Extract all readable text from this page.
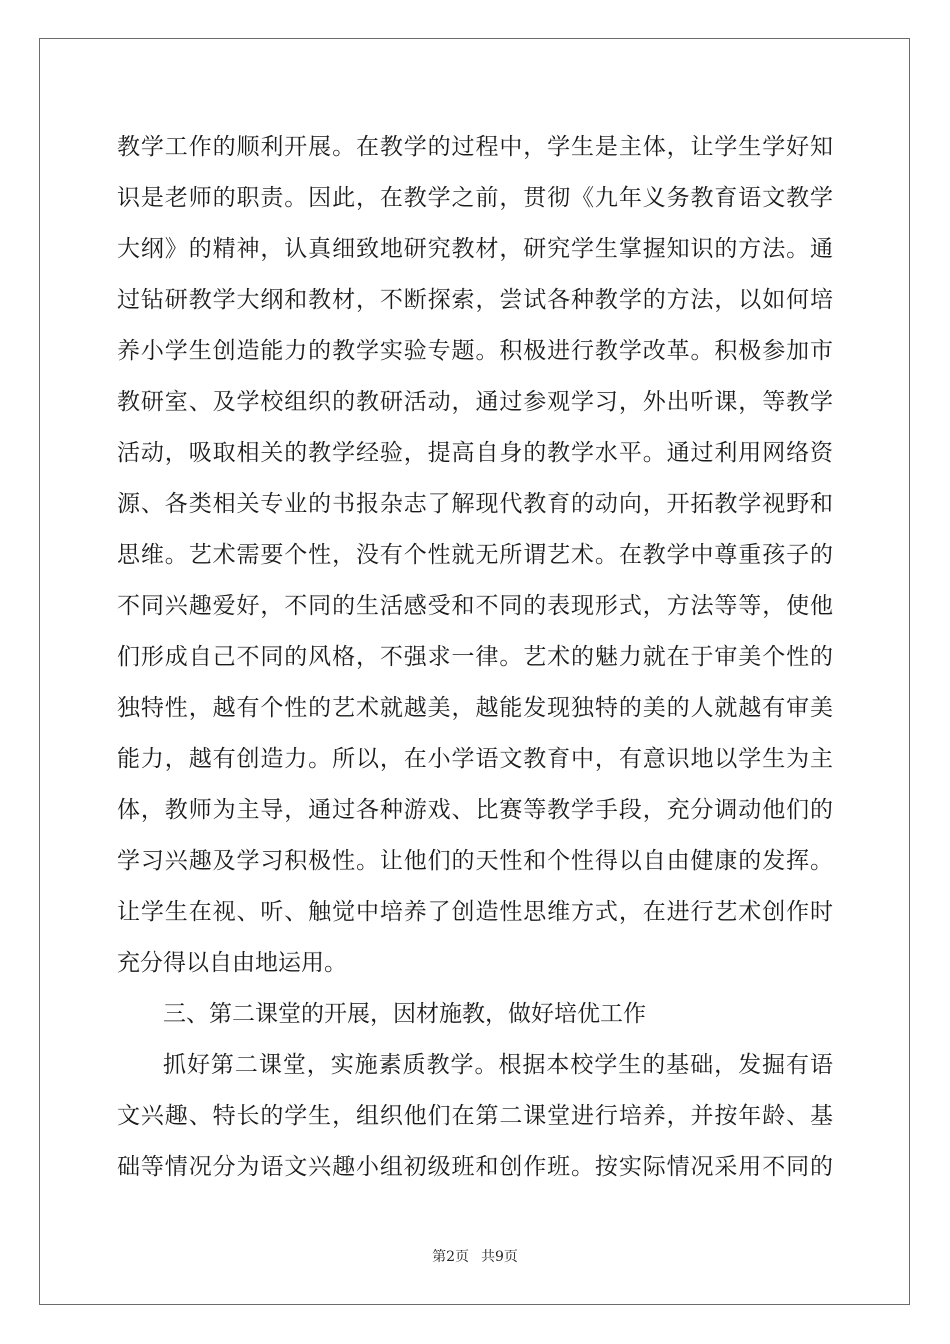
教学工作的顺利开展。在教学的过程中，学生是主体，让学生学好知
识是老师的职责。因此，在教学之前，贯彻《九年义务教育语文教学
大纲》的精神，认真细致地研究教材，研究学生掌握知识的方法。通
过钻研教学大纲和教材，不断探索，尝试各种教学的方法，以如何培
养小学生创造能力的教学实验专题。积极进行教学改革。积极参加市
教研室、及学校组织的教研活动，通过参观学习，外出听课，等教学
活动，吸取相关的教学经验，提高自身的教学水平。通过利用网络资
源、各类相关专业的书报杂志了解现代教育的动向，开拓教学视野和
思维。艺术需要个性，没有个性就无所谓艺术。在教学中尊重孩子的
不同兴趣爱好，不同的生活感受和不同的表现形式，方法等等，使他
们形成自己不同的风格，不强求一律。艺术的魅力就在于审美个性的
独特性，越有个性的艺术就越美，越能发现独特的美的人就越有审美
能力，越有创造力。所以，在小学语文教育中，有意识地以学生为主
体，教师为主导，通过各种游戏、比赛等教学手段，充分调动他们的
学习兴趣及学习积极性。让他们的天性和个性得以自由健康的发挥。
让学生在视、听、触觉中培养了创造性思维方式，在进行艺术创作时
充分得以自由地运用。
三、第二课堂的开展，因材施教，做好培优工作
抓好第二课堂，实施素质教学。根据本校学生的基础，发掘有语
文兴趣、特长的学生，组织他们在第二课堂进行培养，并按年龄、基
础等情况分为语文兴趣小组初级班和创作班。按实际情况采用不同的
第2页 共9页
